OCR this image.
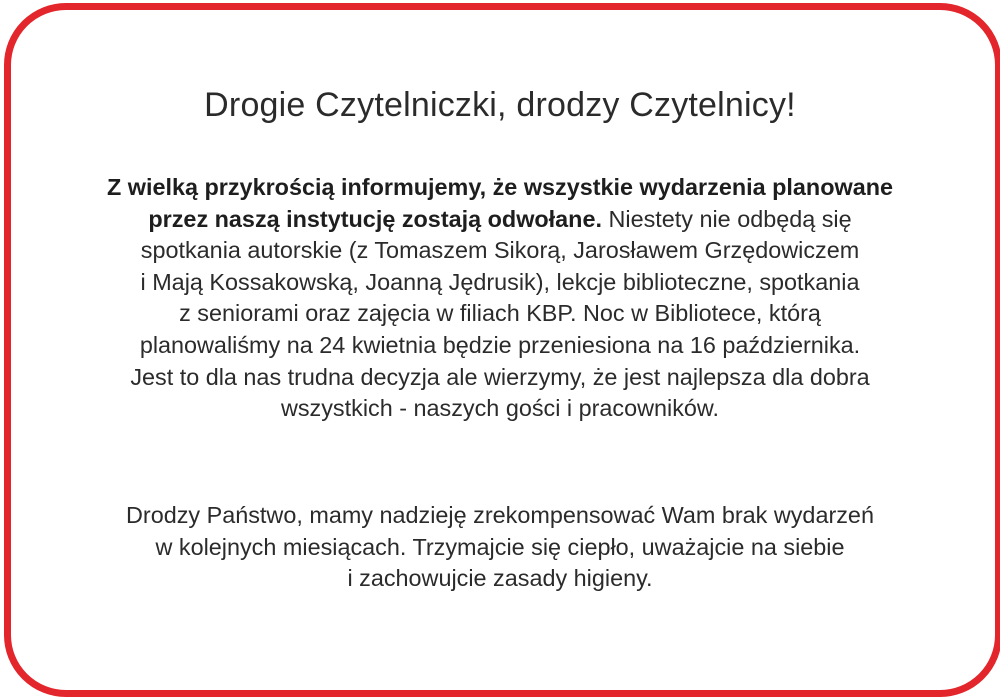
Drogie Czytelniczki, drodzy Czytelnicy!
Z wielką przykrością informujemy, że wszystkie wydarzenia planowane
przez naszą instytucję zostają odwołane. Niestety nie odbędą się
spotkania autorskie (z Tomaszem Sikorą, Jarosławem Grzędowiczem
i Mają Kossakowską, Joanną Jędrusik), lekcje biblioteczne, spotkania
z seniorami oraz zajęcia w filiach KBP. Noc w Bibliotece, którą
planowaliśmy na 24 kwietnia będzie przeniesiona na 16 października.
Jest to dla nas trudna decyzja ale wierzymy, że jest najlepsza dla dobra
wszystkich - naszych gości i pracowników.
Drodzy Państwo, mamy nadzieję zrekompensować Wam brak wydarzeń
w kolejnych miesiącach. Trzymajcie się ciepło, uważajcie na siebie
i zachowujcie zasady higieny.
